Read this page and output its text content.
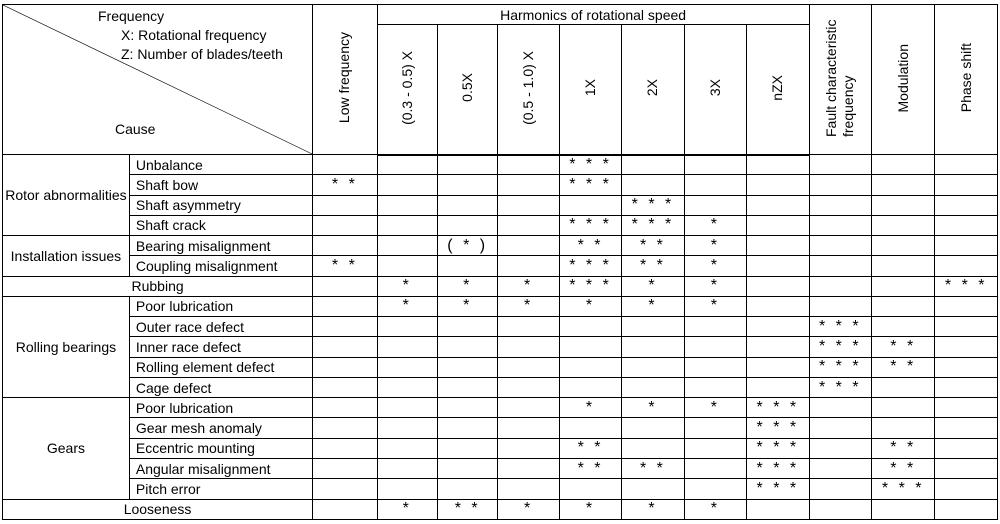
Frequency
X: Rotational frequency
Z: Number of blades/teeth
Cause		Low frequency	Harmonics of rotational speed							Fault characteristic frequency	Modulation	Phase shift
			(0.3 - 0.5) X	0.5X	(0.5 - 1.0) X	1X	2X	3X	nZX			
Rotor abnormalities	Unbalance					* * *						
	Shaft bow	* *				* * *						
	Shaft asymmetry						* * *					
	Shaft crack					* * *	* * *	*				
Installation issues	Bearing misalignment			( * )		* *	* *	*				
	Coupling misalignment	* *				* * *	* *	*				
Rubbing			*	*	*	* * *	*	*				* * *
Rolling bearings	Poor lubrication		*	*	*	*	*	*				
	Outer race defect									* * *		
	Inner race defect									* * *	* *	
	Rolling element defect									* * *	* *	
	Cage defect									* * *		
Gears	Poor lubrication					*	*	*	* * *			
	Gear mesh anomaly								* * *			
	Eccentric mounting					* *			* * *		* *	
	Angular misalignment					* *	* *		* * *		* *	
	Pitch error								* * *		* * *	
Looseness			*	* *	*	*	*	*				
